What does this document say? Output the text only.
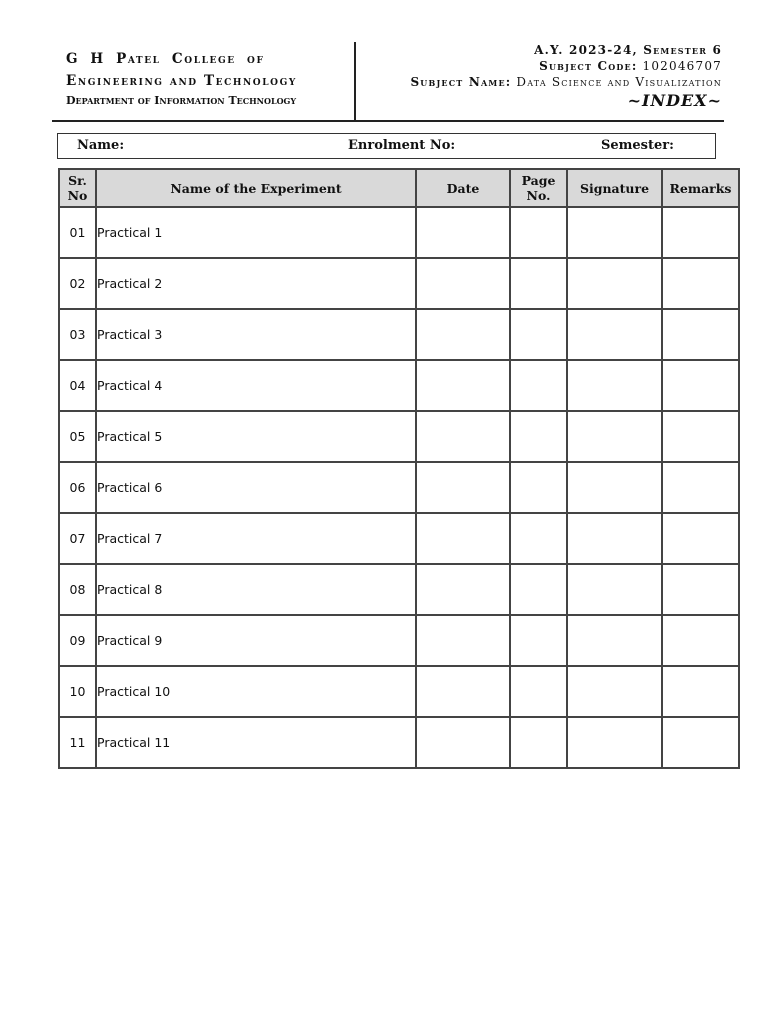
G H Patel College of
Engineering and Technology
Department of Information Technology
A.Y. 2023-24, Semester 6
Subject Code: 102046707
Subject Name: Data Science and Visualization
~INDEX~
Name:	Enrolment No:	Semester:
Sr. No	Name of the Experiment	Date	Page No.	Signature	Remarks
01	Practical 1				
02	Practical 2				
03	Practical 3				
04	Practical 4				
05	Practical 5				
06	Practical 6				
07	Practical 7				
08	Practical 8				
09	Practical 9				
10	Practical 10				
11	Practical 11				
